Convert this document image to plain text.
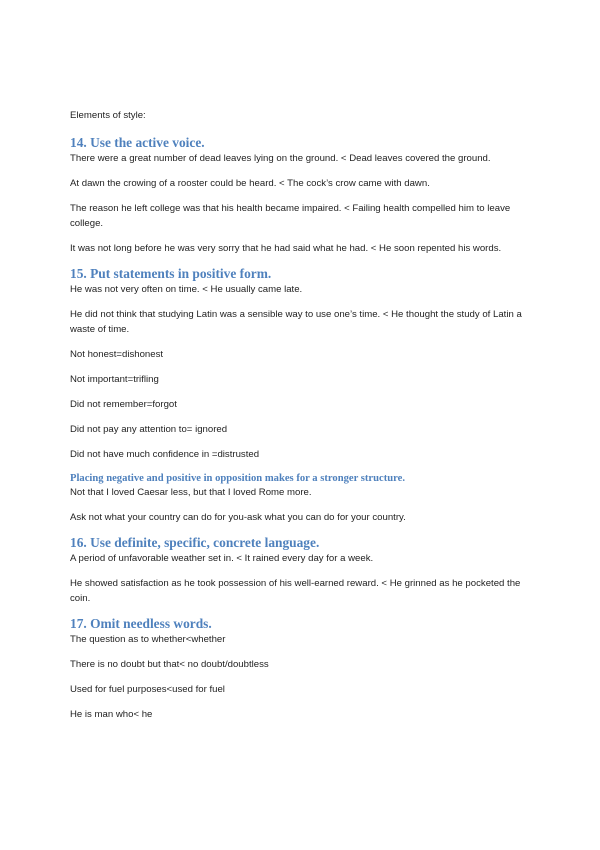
Elements of style:
14. Use the active voice.

There were a great number of dead leaves lying on the ground. < Dead leaves covered the ground.

At dawn the crowing of a rooster could be heard. < The cock’s crow came with dawn.

The reason he left college was that his health became impaired. < Failing health compelled him to leave college.

It was not long before he was very sorry that he had said what he had. < He soon repented his words.

15. Put statements in positive form.

He was not very often on time. < He usually came late.

He did not think that studying Latin was a sensible way to use one’s time. < He thought the study of Latin a waste of time.

Not honest=dishonest

Not important=trifling

Did not remember=forgot

Did not pay any attention to= ignored

Did not have much confidence in =distrusted

Placing negative and positive in opposition makes for a stronger structure.

Not that I loved Caesar less, but that I loved Rome more.

Ask not what your country can do for you-ask what you can do for your country.

16. Use definite, specific, concrete language.

A period of unfavorable weather set in. < It rained every day for a week.

He showed satisfaction as he took possession of his well-earned reward. < He grinned as he pocketed the coin.

17. Omit needless words.

The question as to whether<whether

There is no doubt but that< no doubt/doubtless

Used for fuel purposes<used for fuel

He is man who< he
